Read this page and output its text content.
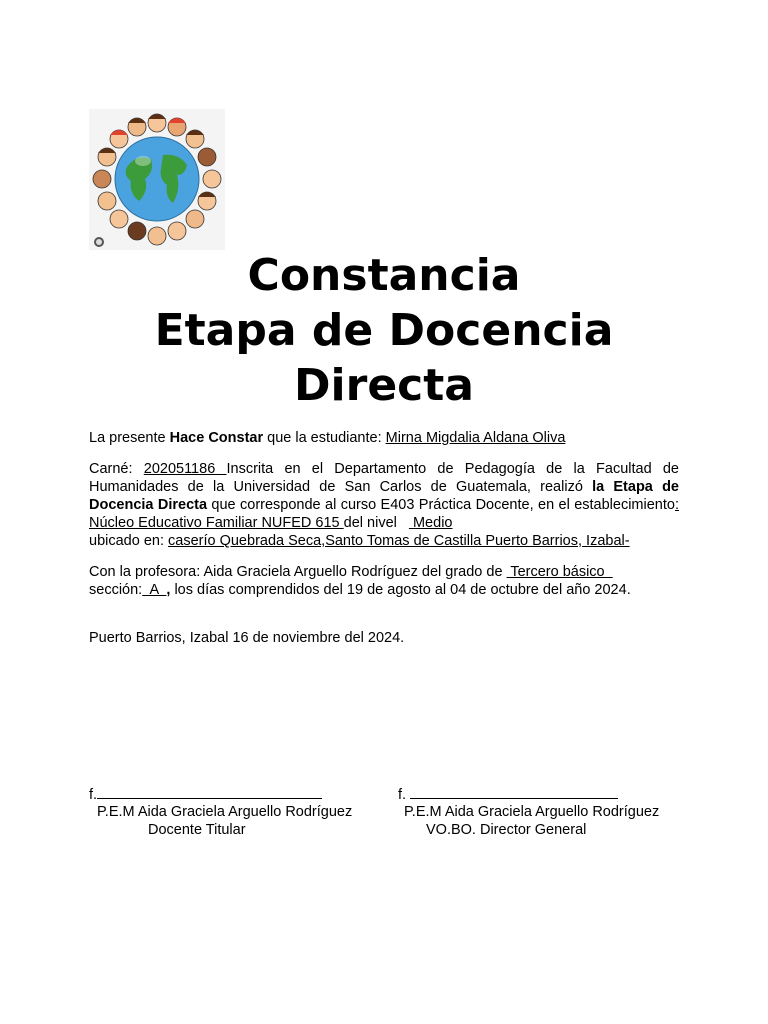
Constancia
Etapa de Docencia
Directa
La presente Hace Constar que la estudiante: Mirna Migdalia Aldana Oliva
Carné: 202051186 Inscrita en el Departamento de Pedagogía de la Facultad de Humanidades de la Universidad de San Carlos de Guatemala, realizó la Etapa de Docencia Directa que corresponde al curso E403 Práctica Docente, en el establecimiento: Núcleo Educativo Familiar NUFED 615 del nivel    Medio
ubicado en: caserío Quebrada Seca,Santo Tomas de Castilla Puerto Barrios, Izabal-
Con la profesora: Aida Graciela Arguello Rodríguez del grado de  Tercero básico
sección:  A  , los días comprendidos del 19 de agosto al 04 de octubre del año 2024.
Puerto Barrios, Izabal 16 de noviembre del 2024.
f.
P.E.M Aida Graciela Arguello Rodríguez
Docente Titular
f.
P.E.M Aida Graciela Arguello Rodríguez
VO.BO. Director General
